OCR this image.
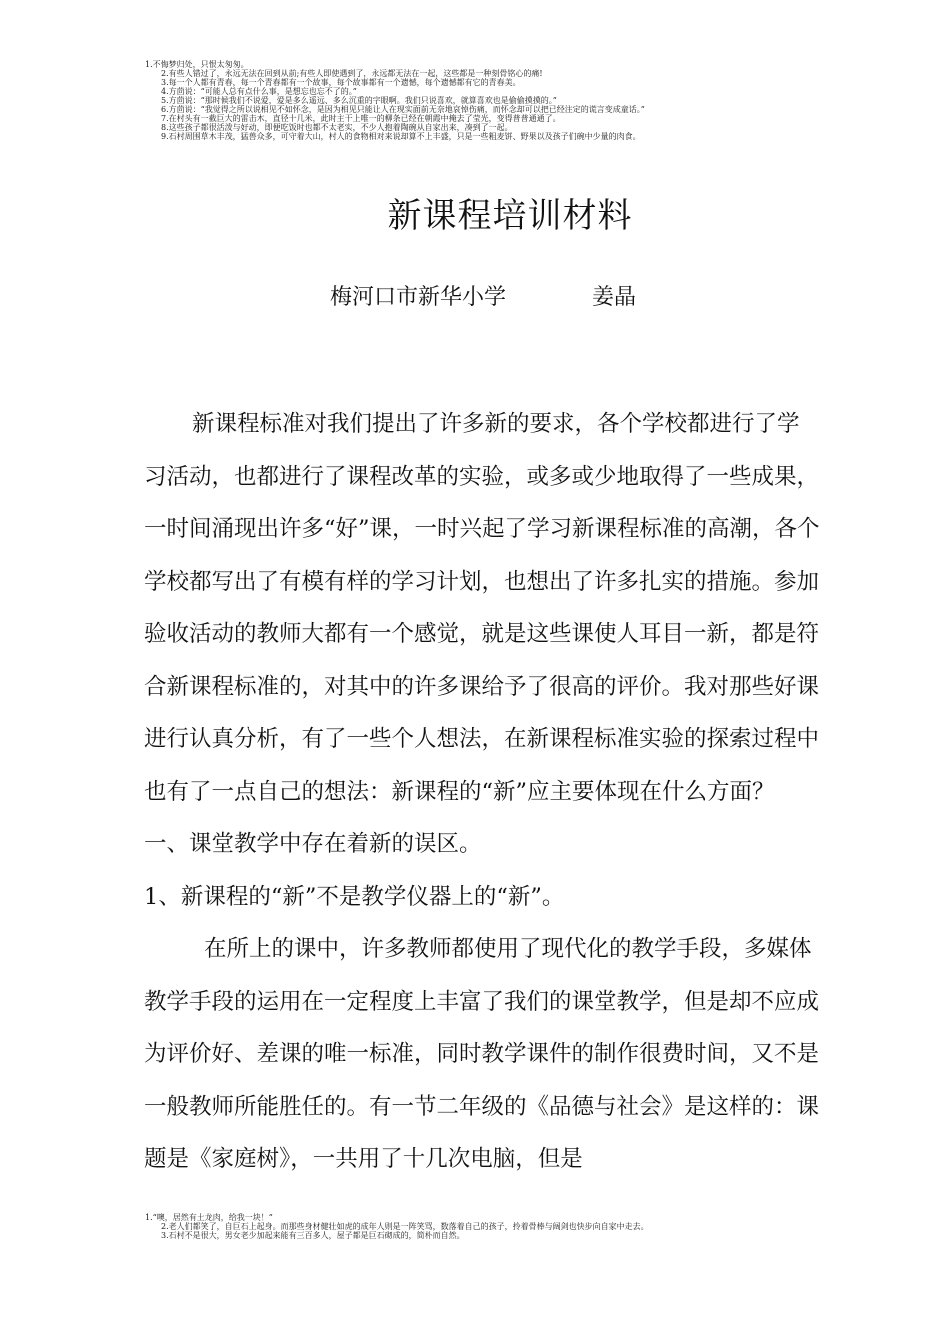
1.不悔梦归处，只恨太匆匆。
2.有些人错过了，永远无法在回到从前;有些人即使遇到了，永远都无法在一起，这些都是一种刻骨铭心的痛!
3.每一个人都有青春，每一个青春都有一个故事，每个故事都有一个遗憾，每个遗憾都有它的青春美。
4.方茴说：“可能人总有点什么事，是想忘也忘不了的。”
5.方茴说：“那时候我们不说爱，爱是多么遥远、多么沉重的字眼啊。我们只说喜欢，就算喜欢也是偷偷摸摸的。”
6.方茴说：“我觉得之所以说相见不如怀念，是因为相见只能让人在现实面前无奈地哀悼伤痛，而怀念却可以把已经注定的谎言变成童话。”
7.在村头有一截巨大的雷击木，直径十几米，此时主干上唯一的柳条已经在朝霞中掩去了莹光，变得普普通通了。
8.这些孩子都很活泼与好动，即便吃饭时也都不太老实，不少人抱着陶碗从自家出来，凑到了一起。
9.石村周围草木丰茂，猛兽众多，可守着大山，村人的食物相对来说却算不上丰盛，只是一些粗麦饼、野果以及孩子们碗中少量的肉食。
新课程培训材料
梅河口市新华小学	姜晶

新课程标准对我们提出了许多新的要求，各个学校都进行了学习活动，也都进行了课程改革的实验，或多或少地取得了一些成果，一时间涌现出许多“好”课，一时兴起了学习新课程标准的高潮，各个学校都写出了有模有样的学习计划，也想出了许多扎实的措施。参加验收活动的教师大都有一个感觉，就是这些课使人耳目一新，都是符合新课程标准的，对其中的许多课给予了很高的评价。我对那些好课进行认真分析，有了一些个人想法，在新课程标准实验的探索过程中也有了一点自己的想法：新课程的“新”应主要体现在什么方面？

一、课堂教学中存在着新的误区。

1、新课程的“新”不是教学仪器上的“新”。

在所上的课中，许多教师都使用了现代化的教学手段，多媒体教学手段的运用在一定程度上丰富了我们的课堂教学，但是却不应成为评价好、差课的唯一标准，同时教学课件的制作很费时间，又不是一般教师所能胜任的。有一节二年级的《品德与社会》是这样的：课题是《家庭树》，一共用了十几次电脑，但是

1.“噢，居然有土龙肉，给我一块！”
2.老人们都笑了，自巨石上起身。而那些身材健壮如虎的成年人则是一阵笑骂，数落着自己的孩子，拎着骨棒与阔剑也快步向自家中走去。
3.石村不是很大，男女老少加起来能有三百多人，屋子都是巨石砌成的，简朴而自然。
